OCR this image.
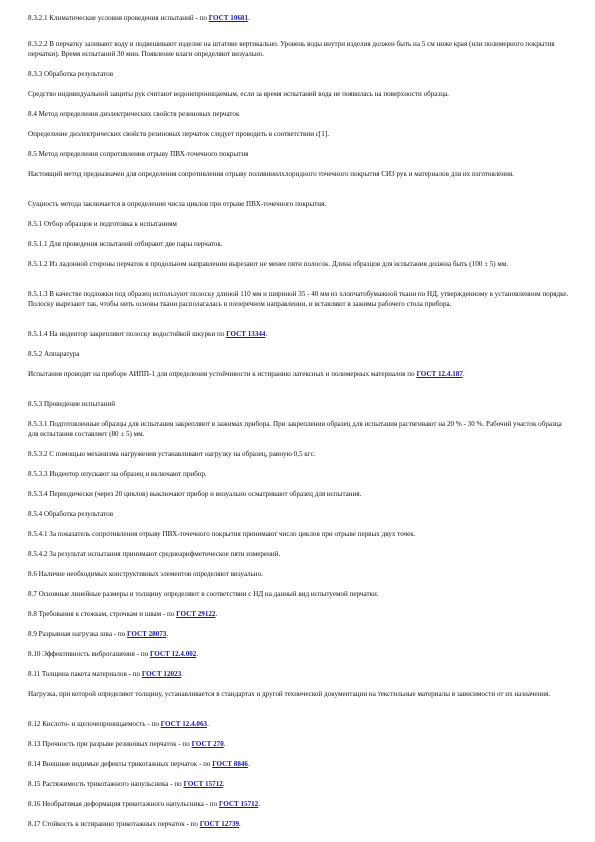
8.3.2.1 Климатические условия проведения испытаний - по ГОСТ 10681.

8.3.2.2 В перчатку заливают воду и подвешивают изделие на штативе вертикально. Уровень воды внутри изделия должен быть на 5 см ниже края (или полимерного покрытия перчатки). Время испытаний 30 мин. Появление влаги определяют визуально.

8.3.3 Обработка результатов

Средство индивидуальной защиты рук считают водонепроницаемым, если за время испытаний вода не появилась на поверхности образца.

8.4 Метод определения диэлектрических свойств резиновых перчаток

Определение диэлектрических свойств резиновых перчаток следует проводить в соответствии с[1].

8.5 Метод определения сопротивления отрыву ПВХ-точечного покрытия

Настоящий метод предназначен для определения сопротивления отрыву поливинилхлоридного точечного покрытия СИЗ рук и материалов для их изготовления.

Сущность метода заключается в определении числа циклов при отрыве ПВХ-точечного покрытия.

8.5.1 Отбор образцов и подготовка к испытаниям

8.5.1.1 Для проведения испытаний отбирают две пары перчаток.

8.5.1.2 Из ладонной стороны перчаток в продольном направлении вырезают не менее пяти полосок. Длина образцов для испытания должна быть (100 ± 5) мм.

8.5.1.3 В качестве подложки под образец используют полоску длиной 110 мм и шириной 35 - 40 мм из хлопчатобумажной ткани по НД, утвержденному в установленном порядке. Полоску вырезают так, чтобы нить основы ткани располагалась в поперечном направлении, и вставляют в зажимы рабочего стола прибора.

8.5.1.4 На индентор закрепляют полоску водостойкой шкурки по ГОСТ 13344.

8.5.2 Аппаратура

Испытания проводят на приборе АИПП-1 для определения устойчивости к истиранию латексных и полимерных материалов по ГОСТ 12.4.187.

8.5.3 Проведение испытаний

8.5.3.1 Подготовленные образцы для испытания закрепляют в зажимах прибора. При закреплении образец для испытания растягивают на 20 % - 30 %. Рабочий участок образца для испытания составляет (80 ± 5) мм.

8.5.3.2 С помощью механизма нагружения устанавливают нагрузку на образец, равную 0,5 кгс.

8.5.3.3 Индентор опускают на образец и включают прибор.

8.5.3.4 Периодически (через 20 циклов) выключают прибор и визуально осматривают образец для испытания.

8.5.4 Обработка результатов

8.5.4.1 За показатель сопротивления отрыву ПВХ-точечного покрытия принимают число циклов при отрыве первых двух точек.

8.5.4.2 За результат испытания принимают среднеарифметическое пяти измерений.

8.6 Наличие необходимых конструктивных элементов определяют визуально.

8.7 Основные линейные размеры и толщину определяют в соответствии с НД на данный вид испытуемой перчатки.

8.8 Требования к стежкам, строчкам и швам - по ГОСТ 29122.

8.9 Разрывная нагрузка шва - по ГОСТ 28073.

8.10 Эффективность виброгашения - по ГОСТ 12.4.002.

8.11 Толщина пакета материалов - по ГОСТ 12023.

Нагрузка, при которой определяют толщину, устанавливается в стандартах и другой технической документации на текстильные материалы в зависимости от их назначения.

8.12 Кислото- и щелочепроницаемость - по ГОСТ 12.4.063.

8.13 Прочность при разрыве резиновых перчаток - по ГОСТ 270.

8.14 Внешние видимые дефекты трикотажных перчаток - по ГОСТ 8846.

8.15 Растяжимость трикотажного напульсника - по ГОСТ 15712.

8.16 Необратимая деформация трикотажного напульсника - по ГОСТ 15712.

8.17 Стойкость к истиранию трикотажных перчаток - по ГОСТ 12739.
